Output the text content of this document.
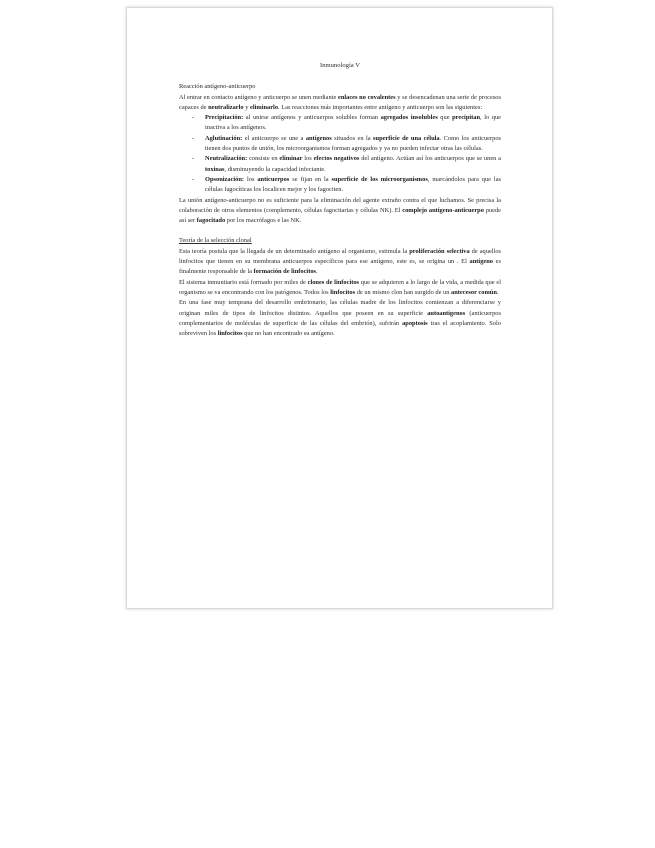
Inmunología V
Reacción antígeno-anticuerpo

Al entrar en contacto antígeno y anticuerpo se unen mediante enlaces no covalentes y se desencadenan una serie de procesos capaces de neutralizarlo y eliminarlo. Las reacciones más importantes entre antígeno y anticuerpo son las siguientes:

- Precipitación: al unirse antígenos y anticuerpos solubles forman agregados insolubles que precipitan, lo que inactiva a los antígenos.
- Aglutinación: el anticuerpo se une a antígenos situados en la superficie de una célula. Como los anticuerpos tienen dos puntos de unión, los microorganismos forman agregados y ya no pueden infectar otras las células.
- Neutralización: consiste en eliminar los efectos negativos del antígeno. Actúan así los anticuerpos que se unen a toxinas, disminuyendo la capacidad infectante.
- Opsonización: los anticuerpos se fijan en la superficie de los microorganismos, marcándolos para que las células fagocíticas los localicen mejor y los fagociten.

La unión antígeno-anticuerpo no es suficiente para la eliminación del agente extraño contra el que luchamos. Se precisa la colaboración de otros elementos (complemento, células fagocitarias y células NK). El complejo antígeno-anticuerpo puede así ser fagocitado por los macrófagos e las NK.

Teoría de la selección clonal

Esta teoría postula que la llegada de un determinado antígeno al organismo, estimula la proliferación selectiva de aquellos linfocitos que tienen en su membrana anticuerpos específicos para ese antígeno, este es, se origina un . El antígeno es finalmente responsable de la formación de linfocitos.

El sistema inmunitario está formado por miles de clones de linfocitos que se adquieren a lo largo de la vida, a medida que el organismo se va encontrando con los patógenos. Todos los linfocitos de un mismo clon han surgido de un antecesor común.

En una fase muy temprana del desarrollo embrionario, las células madre de los linfocitos comienzan a diferenciarse y originan miles de tipos de linfocitos distintos. Aquellos que poseen en su superficie autoantígenos (anticuerpos complementarios de moléculas de superficie de las células del embrión), sufrirán apoptosis tras el acoplamiento. Solo sobreviven los linfocitos que no han encontrado su antígeno.
